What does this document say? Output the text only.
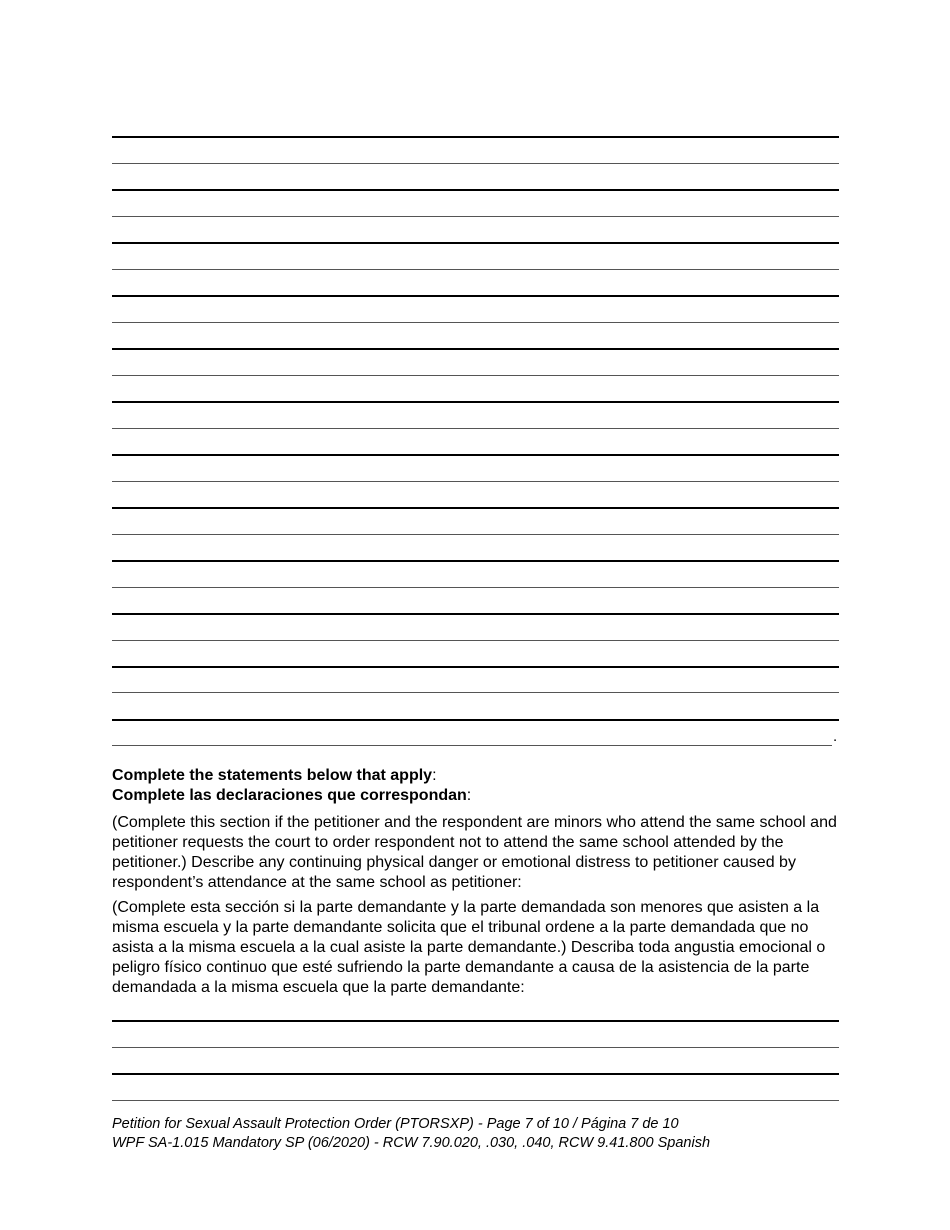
.
Complete the statements below that apply:
Complete las declaraciones que correspondan:

(Complete this section if the petitioner and the respondent are minors who attend the same school and petitioner requests the court to order respondent not to attend the same school attended by the petitioner.) Describe any continuing physical danger or emotional distress to petitioner caused by respondent’s attendance at the same school as petitioner:

(Complete esta sección si la parte demandante y la parte demandada son menores que asisten a la misma escuela y la parte demandante solicita que el tribunal ordene a la parte demandada que no asista a la misma escuela a la cual asiste la parte demandante.) Describa toda angustia emocional o peligro físico continuo que esté sufriendo la parte demandante a causa de la asistencia de la parte demandada a la misma escuela que la parte demandante:

Petition for Sexual Assault Protection Order (PTORSXP) - Page 7 of 10 / Página 7 de 10
WPF SA-1.015 Mandatory SP (06/2020) - RCW 7.90.020, .030, .040, RCW 9.41.800 Spanish
